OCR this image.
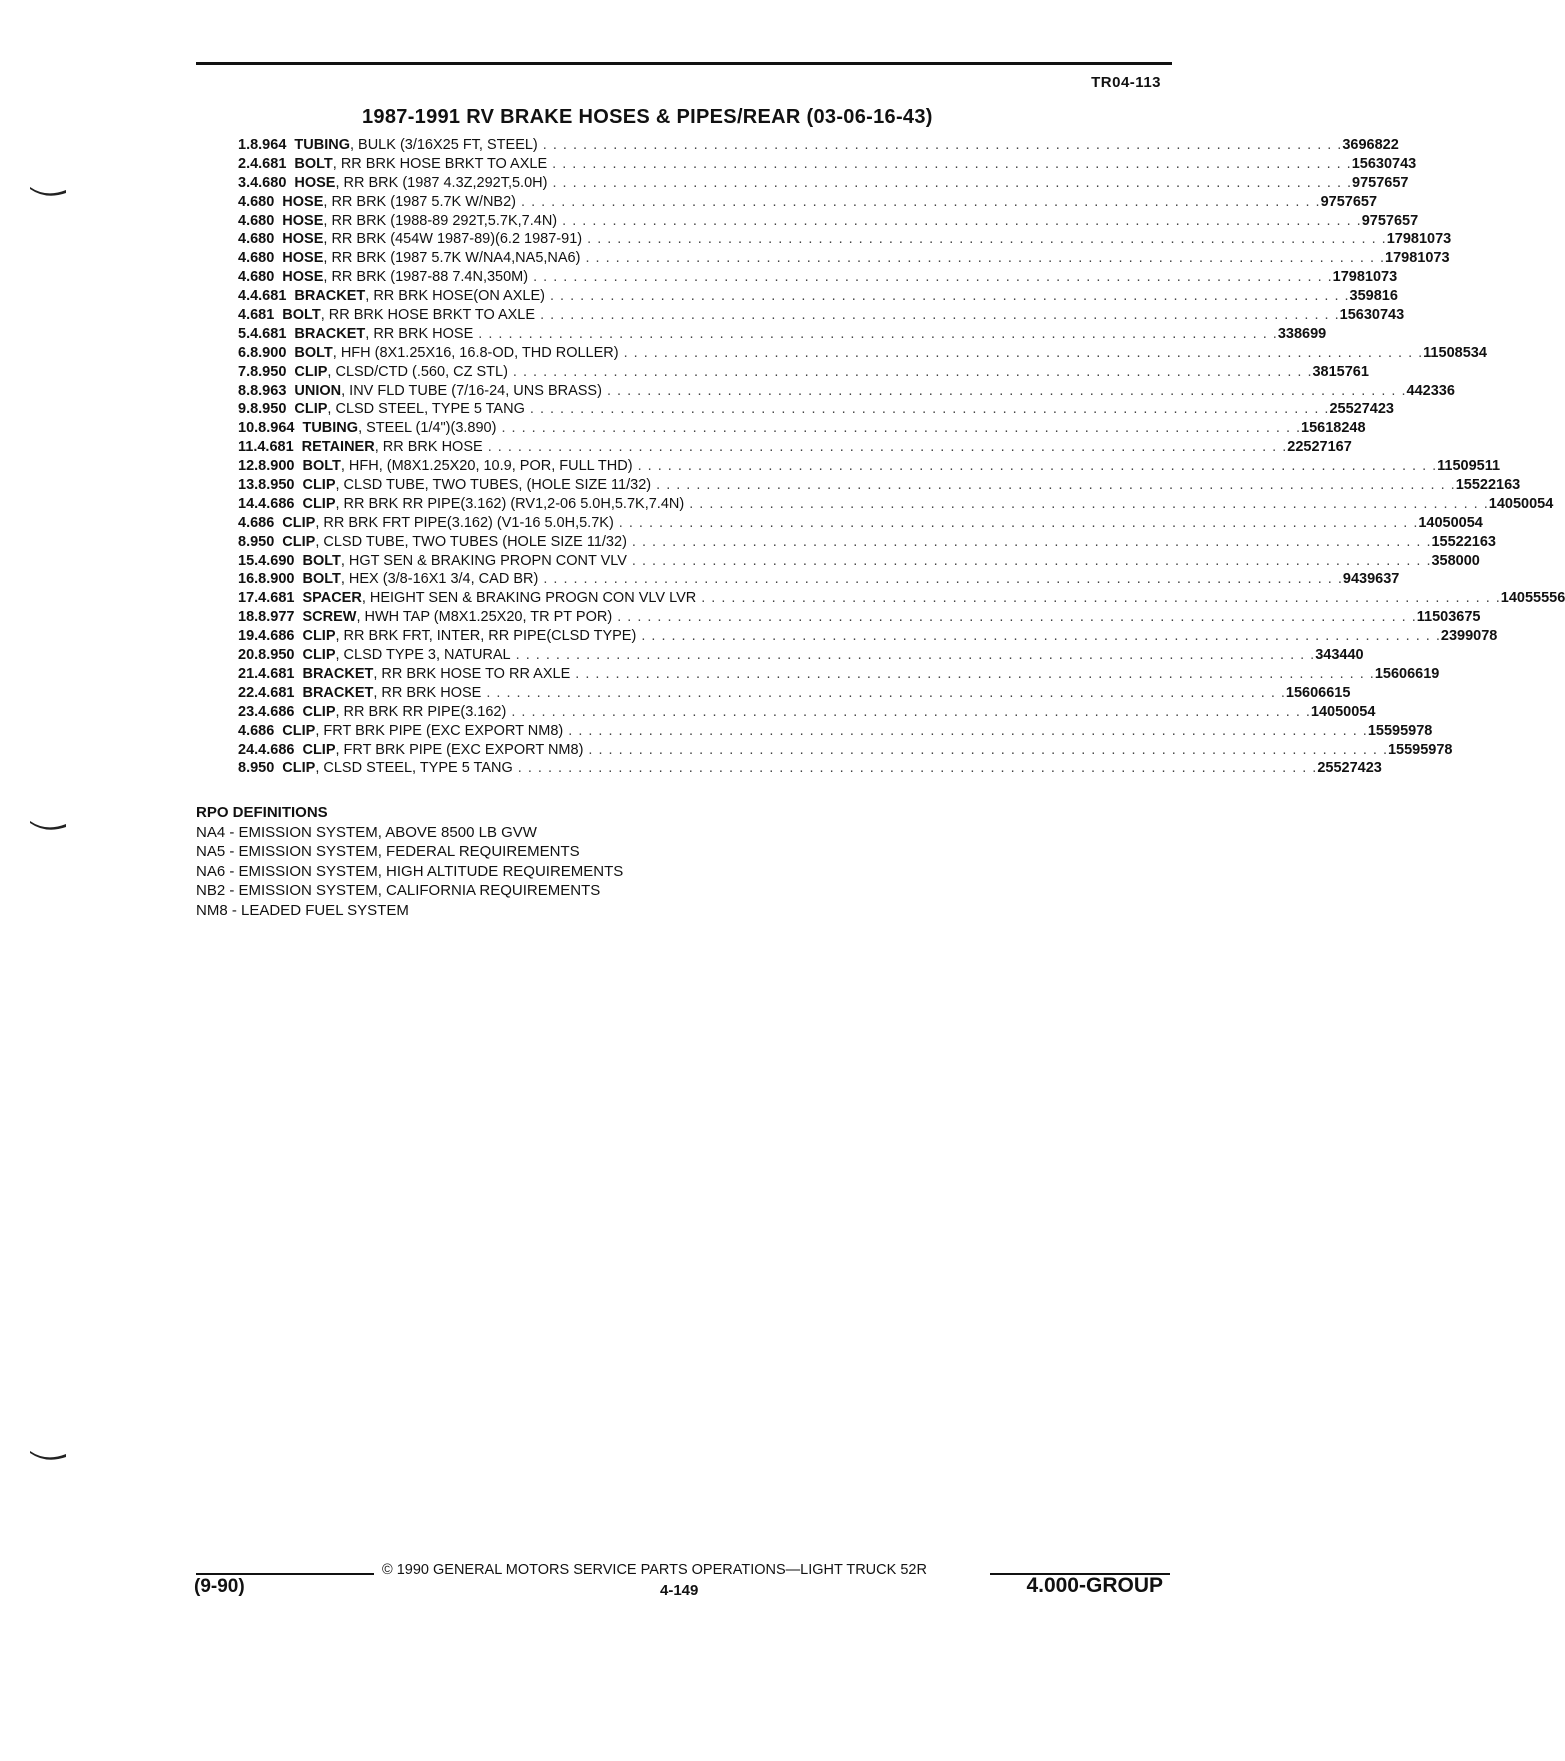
TR04-113
1987-1991 RV BRAKE HOSES & PIPES/REAR (03-06-16-43)
1. 8.964 TUBING, BULK (3/16X25 FT, STEEL) . . . . . . . . . . . . . . . . . . . . . . . . . . . . . . . . . . . . . . . . . . . . . . . . . . . . . . . . . . . . . . . . . . . . . . . . . . . . . . . . 3696822
2. 4.681 BOLT, RR BRK HOSE BRKT TO AXLE . . . . . . . . . . . . . . . . . . . . . . . . . . . . . . . . . . . . . . . . . . . . . . . . . . . . . . . . . . . . . . . . . . . . . . . . . . . . . . . . 15630743
3. 4.680 HOSE, RR BRK (1987 4.3Z,292T,5.0H) . . . . . . . . . . . . . . . . . . . . . . . . . . . . . . . . . . . . . . . . . . . . . . . . . . . . . . . . . . . . . . . . . . . . . . . . . . . . . . . . 9757657
4.680 HOSE, RR BRK (1987 5.7K W/NB2) . . . . . . . . . . . . . . . . . . . . . . . . . . . . . . . . . . . . . . . . . . . . . . . . . . . . . . . . . . . . . . . . . . . . . . . . . . . . . . . . 9757657
4.680 HOSE, RR BRK (1988-89 292T,5.7K,7.4N) . . . . . . . . . . . . . . . . . . . . . . . . . . . . . . . . . . . . . . . . . . . . . . . . . . . . . . . . . . . . . . . . . . . . . . . . . . . . . . . . 9757657
4.680 HOSE, RR BRK (454W 1987-89)(6.2 1987-91) . . . . . . . . . . . . . . . . . . . . . . . . . . . . . . . . . . . . . . . . . . . . . . . . . . . . . . . . . . . . . . . . . . . . . . . . . . . . . . . . 17981073
4.680 HOSE, RR BRK (1987 5.7K W/NA4,NA5,NA6) . . . . . . . . . . . . . . . . . . . . . . . . . . . . . . . . . . . . . . . . . . . . . . . . . . . . . . . . . . . . . . . . . . . . . . . . . . . . . . . . 17981073
4.680 HOSE, RR BRK (1987-88 7.4N,350M) . . . . . . . . . . . . . . . . . . . . . . . . . . . . . . . . . . . . . . . . . . . . . . . . . . . . . . . . . . . . . . . . . . . . . . . . . . . . . . . . 17981073
4. 4.681 BRACKET, RR BRK HOSE(ON AXLE) . . . . . . . . . . . . . . . . . . . . . . . . . . . . . . . . . . . . . . . . . . . . . . . . . . . . . . . . . . . . . . . . . . . . . . . . . . . . . . . . 359816
4.681 BOLT, RR BRK HOSE BRKT TO AXLE . . . . . . . . . . . . . . . . . . . . . . . . . . . . . . . . . . . . . . . . . . . . . . . . . . . . . . . . . . . . . . . . . . . . . . . . . . . . . . . . 15630743
5. 4.681 BRACKET, RR BRK HOSE . . . . . . . . . . . . . . . . . . . . . . . . . . . . . . . . . . . . . . . . . . . . . . . . . . . . . . . . . . . . . . . . . . . . . . . . . . . . . . . . 338699
6. 8.900 BOLT, HFH (8X1.25X16, 16.8-OD, THD ROLLER) . . . . . . . . . . . . . . . . . . . . . . . . . . . . . . . . . . . . . . . . . . . . . . . . . . . . . . . . . . . . . . . . . . . . . . . . . . . . . . . . 11508534
7. 8.950 CLIP, CLSD/CTD (.560, CZ STL) . . . . . . . . . . . . . . . . . . . . . . . . . . . . . . . . . . . . . . . . . . . . . . . . . . . . . . . . . . . . . . . . . . . . . . . . . . . . . . . . 3815761
8. 8.963 UNION, INV FLD TUBE (7/16-24, UNS BRASS) . . . . . . . . . . . . . . . . . . . . . . . . . . . . . . . . . . . . . . . . . . . . . . . . . . . . . . . . . . . . . . . . . . . . . . . . . . . . . . . . 442336
9. 8.950 CLIP, CLSD STEEL, TYPE 5 TANG . . . . . . . . . . . . . . . . . . . . . . . . . . . . . . . . . . . . . . . . . . . . . . . . . . . . . . . . . . . . . . . . . . . . . . . . . . . . . . . . 25527423
10. 8.964 TUBING, STEEL (1/4")(3.890) . . . . . . . . . . . . . . . . . . . . . . . . . . . . . . . . . . . . . . . . . . . . . . . . . . . . . . . . . . . . . . . . . . . . . . . . . . . . . . . . 15618248
11. 4.681 RETAINER, RR BRK HOSE . . . . . . . . . . . . . . . . . . . . . . . . . . . . . . . . . . . . . . . . . . . . . . . . . . . . . . . . . . . . . . . . . . . . . . . . . . . . . . . . 22527167
12. 8.900 BOLT, HFH, (M8X1.25X20, 10.9, POR, FULL THD) . . . . . . . . . . . . . . . . . . . . . . . . . . . . . . . . . . . . . . . . . . . . . . . . . . . . . . . . . . . . . . . . . . . . . . . . . . . . . . . . 11509511
13. 8.950 CLIP, CLSD TUBE, TWO TUBES, (HOLE SIZE 11/32) . . . . . . . . . . . . . . . . . . . . . . . . . . . . . . . . . . . . . . . . . . . . . . . . . . . . . . . . . . . . . . . . . . . . . . . . . . . . . . . . 15522163
14. 4.686 CLIP, RR BRK RR PIPE(3.162) (RV1,2-06 5.0H,5.7K,7.4N) . . . . . . . . . . . . . . . . . . . . . . . . . . . . . . . . . . . . . . . . . . . . . . . . . . . . . . . . . . . . . . . . . . . . . . . . . . . . . . . . 14050054
4.686 CLIP, RR BRK FRT PIPE(3.162) (V1-16 5.0H,5.7K) . . . . . . . . . . . . . . . . . . . . . . . . . . . . . . . . . . . . . . . . . . . . . . . . . . . . . . . . . . . . . . . . . . . . . . . . . . . . . . . . 14050054
8.950 CLIP, CLSD TUBE, TWO TUBES (HOLE SIZE 11/32) . . . . . . . . . . . . . . . . . . . . . . . . . . . . . . . . . . . . . . . . . . . . . . . . . . . . . . . . . . . . . . . . . . . . . . . . . . . . . . . . 15522163
15. 4.690 BOLT, HGT SEN & BRAKING PROPN CONT VLV . . . . . . . . . . . . . . . . . . . . . . . . . . . . . . . . . . . . . . . . . . . . . . . . . . . . . . . . . . . . . . . . . . . . . . . . . . . . . . . . 358000
16. 8.900 BOLT, HEX (3/8-16X1 3/4, CAD BR) . . . . . . . . . . . . . . . . . . . . . . . . . . . . . . . . . . . . . . . . . . . . . . . . . . . . . . . . . . . . . . . . . . . . . . . . . . . . . . . . 9439637
17. 4.681 SPACER, HEIGHT SEN & BRAKING PROGN CON VLV LVR . . . . . . . . . . . . . . . . . . . . . . . . . . . . . . . . . . . . . . . . . . . . . . . . . . . . . . . . . . . . . . . . . . . . . . . . . . . . . . . . 14055556
18. 8.977 SCREW, HWH TAP (M8X1.25X20, TR PT POR) . . . . . . . . . . . . . . . . . . . . . . . . . . . . . . . . . . . . . . . . . . . . . . . . . . . . . . . . . . . . . . . . . . . . . . . . . . . . . . . . 11503675
19. 4.686 CLIP, RR BRK FRT, INTER, RR PIPE(CLSD TYPE) . . . . . . . . . . . . . . . . . . . . . . . . . . . . . . . . . . . . . . . . . . . . . . . . . . . . . . . . . . . . . . . . . . . . . . . . . . . . . . . . 2399078
20. 8.950 CLIP, CLSD TYPE 3, NATURAL . . . . . . . . . . . . . . . . . . . . . . . . . . . . . . . . . . . . . . . . . . . . . . . . . . . . . . . . . . . . . . . . . . . . . . . . . . . . . . . . 343440
21. 4.681 BRACKET, RR BRK HOSE TO RR AXLE . . . . . . . . . . . . . . . . . . . . . . . . . . . . . . . . . . . . . . . . . . . . . . . . . . . . . . . . . . . . . . . . . . . . . . . . . . . . . . . . 15606619
22. 4.681 BRACKET, RR BRK HOSE . . . . . . . . . . . . . . . . . . . . . . . . . . . . . . . . . . . . . . . . . . . . . . . . . . . . . . . . . . . . . . . . . . . . . . . . . . . . . . . . 15606615
23. 4.686 CLIP, RR BRK RR PIPE(3.162) . . . . . . . . . . . . . . . . . . . . . . . . . . . . . . . . . . . . . . . . . . . . . . . . . . . . . . . . . . . . . . . . . . . . . . . . . . . . . . . . 14050054
4.686 CLIP, FRT BRK PIPE (EXC EXPORT NM8) . . . . . . . . . . . . . . . . . . . . . . . . . . . . . . . . . . . . . . . . . . . . . . . . . . . . . . . . . . . . . . . . . . . . . . . . . . . . . . . . 15595978
24. 4.686 CLIP, FRT BRK PIPE (EXC EXPORT NM8) . . . . . . . . . . . . . . . . . . . . . . . . . . . . . . . . . . . . . . . . . . . . . . . . . . . . . . . . . . . . . . . . . . . . . . . . . . . . . . . . 15595978
8.950 CLIP, CLSD STEEL, TYPE 5 TANG . . . . . . . . . . . . . . . . . . . . . . . . . . . . . . . . . . . . . . . . . . . . . . . . . . . . . . . . . . . . . . . . . . . . . . . . . . . . . . . . 25527423
RPO DEFINITIONS
NA4 - EMISSION SYSTEM, ABOVE 8500 LB GVW
NA5 - EMISSION SYSTEM, FEDERAL REQUIREMENTS
NA6 - EMISSION SYSTEM, HIGH ALTITUDE REQUIREMENTS
NB2 - EMISSION SYSTEM, CALIFORNIA REQUIREMENTS
NM8 - LEADED FUEL SYSTEM
© 1990 GENERAL MOTORS SERVICE PARTS OPERATIONS—LIGHT TRUCK 52R
4-149
(9-90)	4.000-GROUP
